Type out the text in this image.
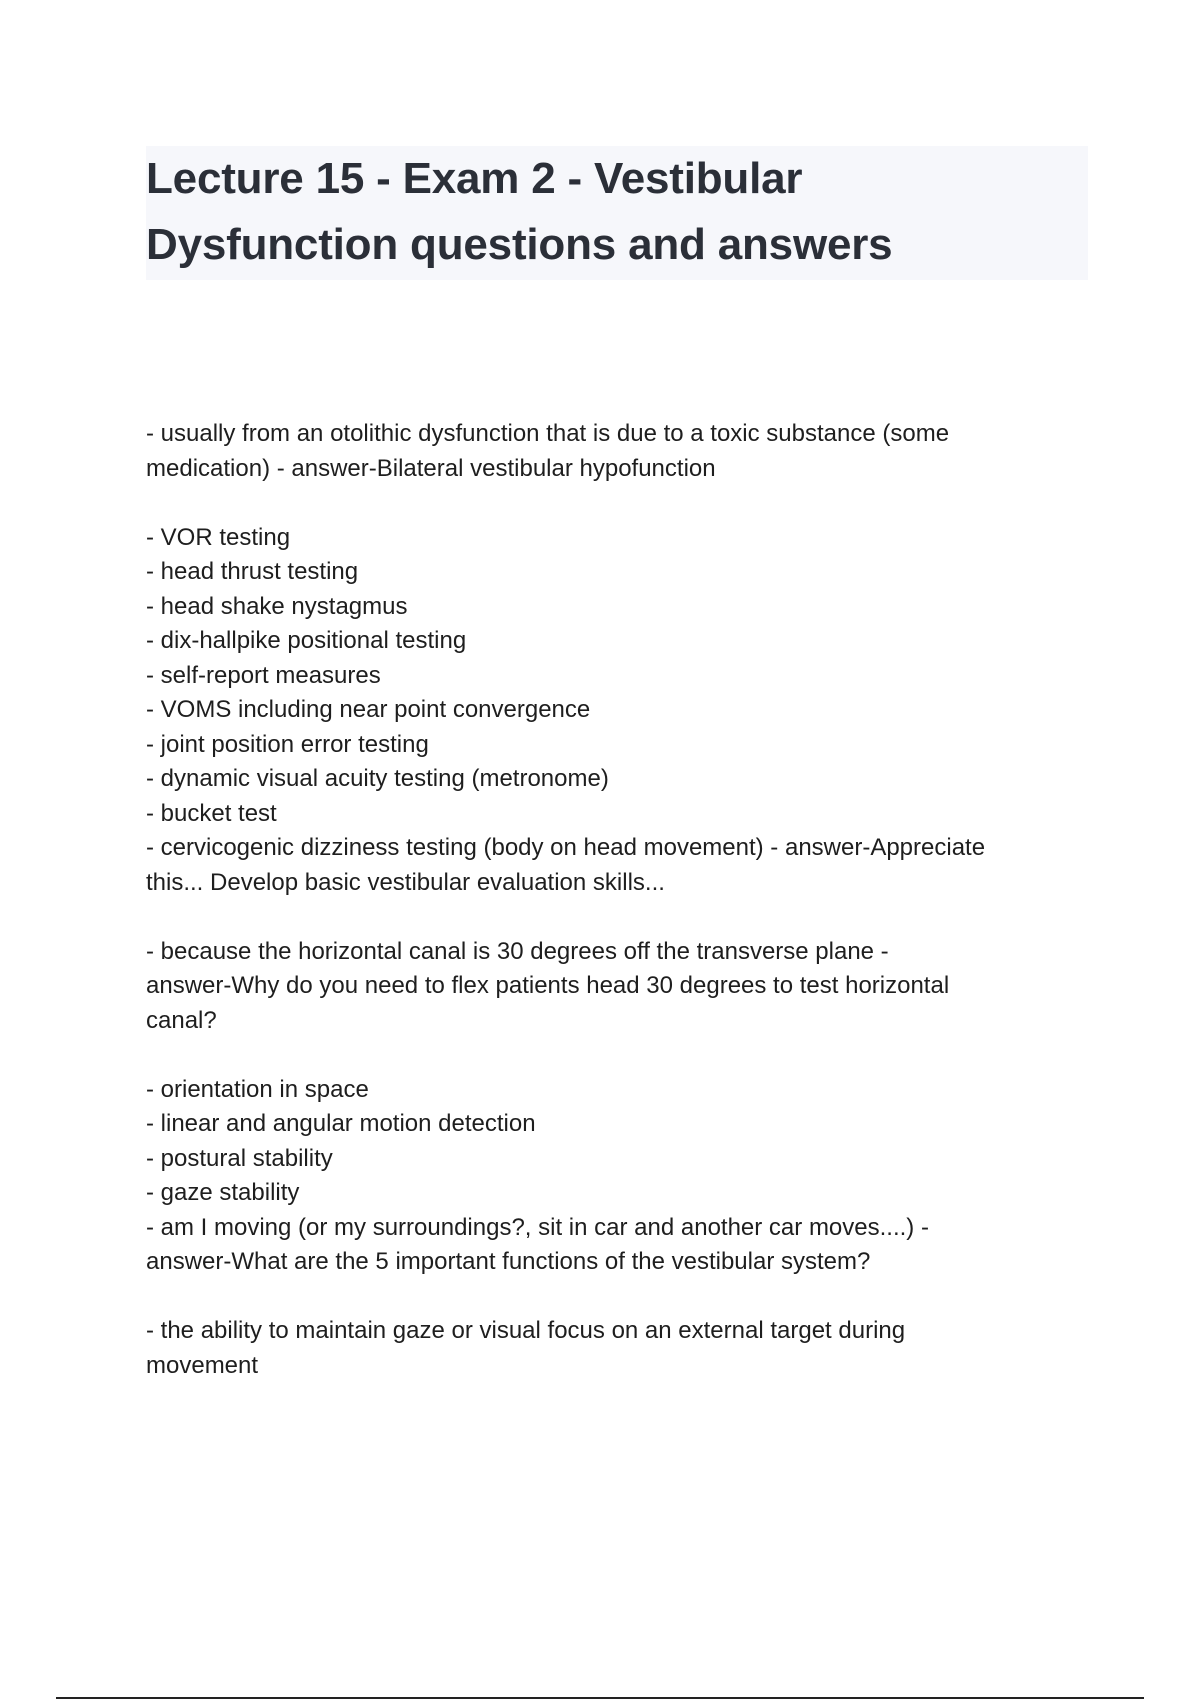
Lecture 15 - Exam 2 - Vestibular
Dysfunction questions and answers

- usually from an otolithic dysfunction that is due to a toxic substance (some
medication) - answer-Bilateral vestibular hypofunction

- VOR testing
- head thrust testing
- head shake nystagmus
- dix-hallpike positional testing
- self-report measures
- VOMS including near point convergence
- joint position error testing
- dynamic visual acuity testing (metronome)
- bucket test
- cervicogenic dizziness testing (body on head movement) - answer-Appreciate
this... Develop basic vestibular evaluation skills...

- because the horizontal canal is 30 degrees off the transverse plane -
answer-Why do you need to flex patients head 30 degrees to test horizontal
canal?

- orientation in space
- linear and angular motion detection
- postural stability
- gaze stability
- am I moving (or my surroundings?, sit in car and another car moves....) -
answer-What are the 5 important functions of the vestibular system?

- the ability to maintain gaze or visual focus on an external target during
movement
